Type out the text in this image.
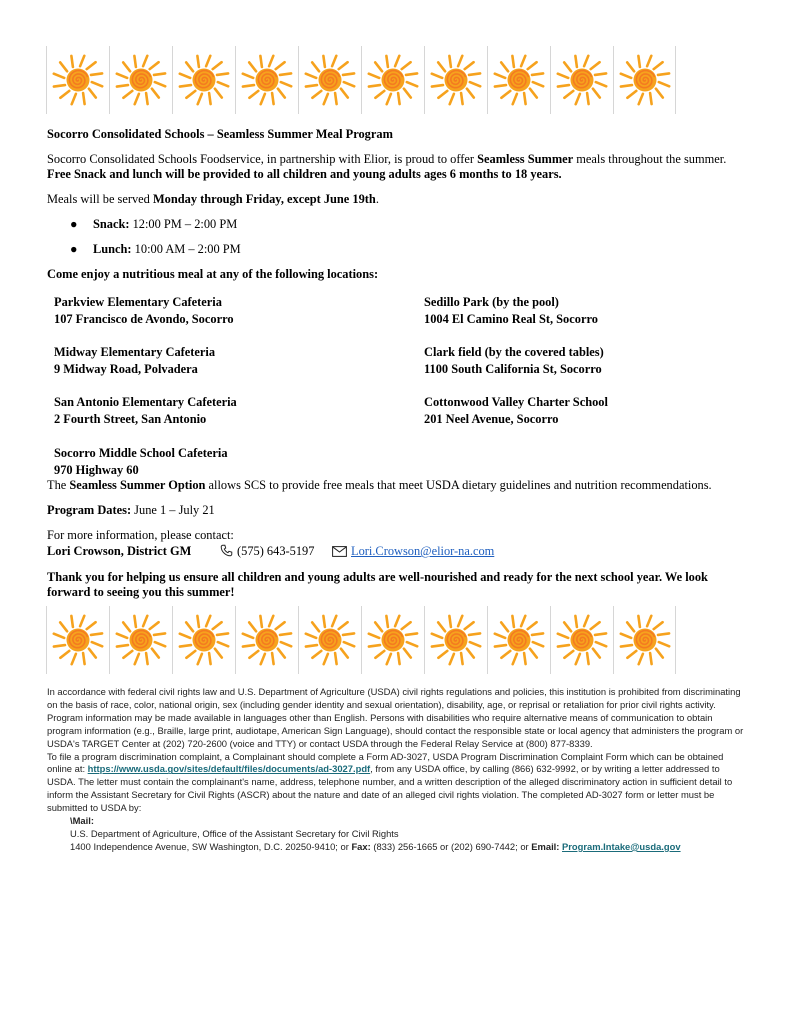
Socorro Consolidated Schools – Seamless Summer Meal Program
Socorro Consolidated Schools Foodservice, in partnership with Elior, is proud to offer Seamless Summer meals throughout the summer. Free Snack and lunch will be provided to all children and young adults ages 6 months to 18 years.
Meals will be served Monday through Friday, except June 19th.
● Snack: 12:00 PM – 2:00 PM
● Lunch: 10:00 AM – 2:00 PM
Come enjoy a nutritious meal at any of the following locations:
Parkview Elementary Cafeteria
107 Francisco de Avondo, Socorro
Midway Elementary Cafeteria
9 Midway Road, Polvadera
San Antonio Elementary Cafeteria
2 Fourth Street, San Antonio
Socorro Middle School Cafeteria
970 Highway 60
Sedillo Park (by the pool)
1004 El Camino Real St, Socorro
Clark field (by the covered tables)
1100 South California St, Socorro
Cottonwood Valley Charter School
201 Neel Avenue, Socorro
The Seamless Summer Option allows SCS to provide free meals that meet USDA dietary guidelines and nutrition recommendations.
Program Dates: June 1 – July 21
For more information, please contact:
Lori Crowson, District GM	(575) 643-5197	Lori.Crowson@elior-na.com
Thank you for helping us ensure all children and young adults are well-nourished and ready for the next school year. We look forward to seeing you this summer!

In accordance with federal civil rights law and U.S. Department of Agriculture (USDA) civil rights regulations and policies, this institution is prohibited from discriminating on the basis of race, color, national origin, sex (including gender identity and sexual orientation), disability, age, or reprisal or retaliation for prior civil rights activity.

Program information may be made available in languages other than English. Persons with disabilities who require alternative means of communication to obtain program information (e.g., Braille, large print, audiotape, American Sign Language), should contact the responsible state or local agency that administers the program or USDA's TARGET Center at (202) 720-2600 (voice and TTY) or contact USDA through the Federal Relay Service at (800) 877-8339.

To file a program discrimination complaint, a Complainant should complete a Form AD-3027, USDA Program Discrimination Complaint Form which can be obtained online at: https://www.usda.gov/sites/default/files/documents/ad-3027.pdf, from any USDA office, by calling (866) 632-9992, or by writing a letter addressed to USDA. The letter must contain the complainant's name, address, telephone number, and a written description of the alleged discriminatory action in sufficient detail to inform the Assistant Secretary for Civil Rights (ASCR) about the nature and date of an alleged civil rights violation. The completed AD-3027 form or letter must be submitted to USDA by:

\Mail:

U.S. Department of Agriculture, Office of the Assistant Secretary for Civil Rights

1400 Independence Avenue, SW Washington, D.C. 20250-9410; or Fax: (833) 256-1665 or (202) 690-7442; or Email: Program.Intake@usda.gov
